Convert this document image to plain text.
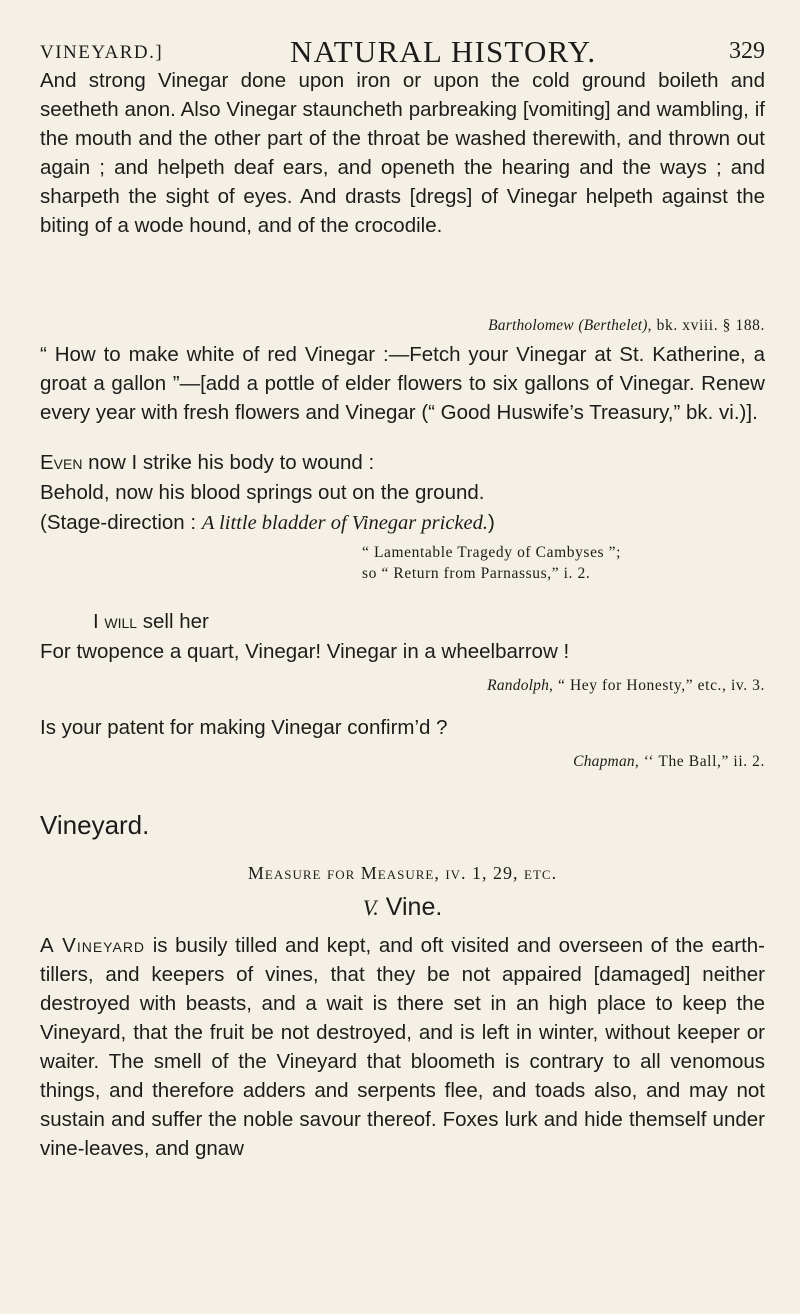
VINEYARD.]	NATURAL HISTORY.	329

And strong Vinegar done upon iron or upon the cold ground boileth and seetheth anon. Also Vinegar stauncheth parbreaking [vomiting] and wambling, if the mouth and the other part of the throat be washed therewith, and thrown out again ; and helpeth deaf ears, and openeth the hearing and the ways ; and sharpeth the sight of eyes. And drasts [dregs] of Vinegar helpeth against the biting of a wode hound, and of the crocodile.

Bartholomew (Berthelet), bk. xviii. § 188.

“ How to make white of red Vinegar :—Fetch your Vinegar at St. Katherine, a groat a gallon ”—[add a pottle of elder flowers to six gallons of Vinegar. Renew every year with fresh flowers and Vinegar (“ Good Huswife’s Treasury,” bk. vi.)].

Even now I strike his body to wound :
Behold, now his blood springs out on the ground.
(Stage-direction : A little bladder of Vinegar pricked.)
“ Lamentable Tragedy of Cambyses ”;
so “ Return from Parnassus,” i. 2.
I will sell her
For twopence a quart, Vinegar! Vinegar in a wheelbarrow !
Randolph, “ Hey for Honesty,” etc., iv. 3.
Is your patent for making Vinegar confirm’d ?
Chapman, ‘‘ The Ball,” ii. 2.
Vineyard.
Measure for Measure, iv. 1, 29, etc.
V. Vine.

A Vineyard is busily tilled and kept, and oft visited and overseen of the earth-tillers, and keepers of vines, that they be not appaired [damaged] neither destroyed with beasts, and a wait is there set in an high place to keep the Vineyard, that the fruit be not destroyed, and is left in winter, without keeper or waiter. The smell of the Vineyard that bloometh is contrary to all venomous things, and therefore adders and serpents flee, and toads also, and may not sustain and suffer the noble savour thereof. Foxes lurk and hide themself under vine-leaves, and gnaw
